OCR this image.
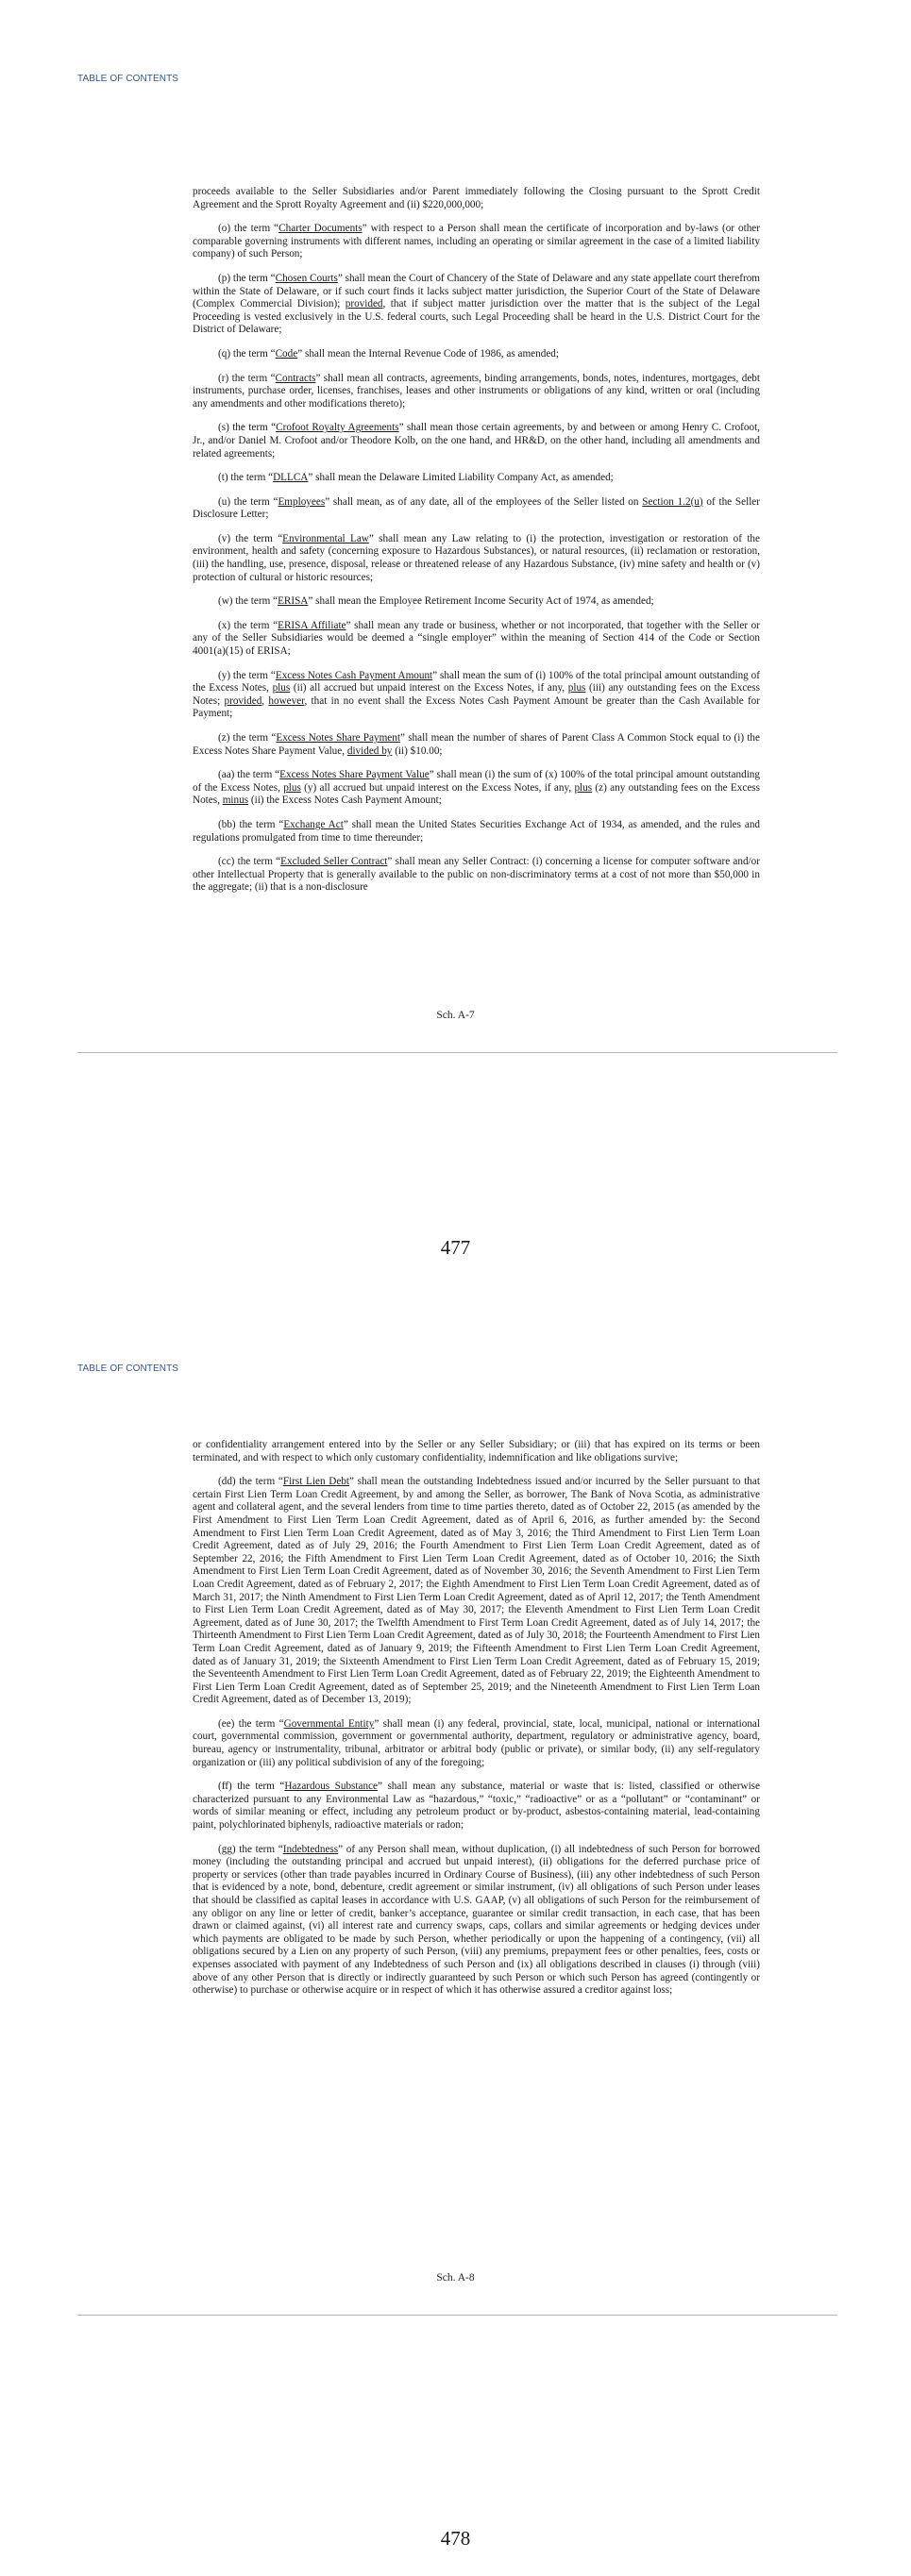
TABLE OF CONTENTS

proceeds available to the Seller Subsidiaries and/or Parent immediately following the Closing pursuant to the Sprott Credit Agreement and the Sprott Royalty Agreement and (ii) $220,000,000;

(o) the term “Charter Documents” with respect to a Person shall mean the certificate of incorporation and by-laws (or other comparable governing instruments with different names, including an operating or similar agreement in the case of a limited liability company) of such Person;

(p) the term “Chosen Courts” shall mean the Court of Chancery of the State of Delaware and any state appellate court therefrom within the State of Delaware, or if such court finds it lacks subject matter jurisdiction, the Superior Court of the State of Delaware (Complex Commercial Division); provided, that if subject matter jurisdiction over the matter that is the subject of the Legal Proceeding is vested exclusively in the U.S. federal courts, such Legal Proceeding shall be heard in the U.S. District Court for the District of Delaware;

(q) the term “Code” shall mean the Internal Revenue Code of 1986, as amended;

(r) the term “Contracts” shall mean all contracts, agreements, binding arrangements, bonds, notes, indentures, mortgages, debt instruments, purchase order, licenses, franchises, leases and other instruments or obligations of any kind, written or oral (including any amendments and other modifications thereto);

(s) the term “Crofoot Royalty Agreements” shall mean those certain agreements, by and between or among Henry C. Crofoot, Jr., and/or Daniel M. Crofoot and/or Theodore Kolb, on the one hand, and HR&D, on the other hand, including all amendments and related agreements;

(t) the term “DLLCA” shall mean the Delaware Limited Liability Company Act, as amended;

(u) the term “Employees” shall mean, as of any date, all of the employees of the Seller listed on Section 1.2(u) of the Seller Disclosure Letter;

(v) the term “Environmental Law” shall mean any Law relating to (i) the protection, investigation or restoration of the environment, health and safety (concerning exposure to Hazardous Substances), or natural resources, (ii) reclamation or restoration, (iii) the handling, use, presence, disposal, release or threatened release of any Hazardous Substance, (iv) mine safety and health or (v) protection of cultural or historic resources;

(w) the term “ERISA” shall mean the Employee Retirement Income Security Act of 1974, as amended;

(x) the term “ERISA Affiliate” shall mean any trade or business, whether or not incorporated, that together with the Seller or any of the Seller Subsidiaries would be deemed a “single employer” within the meaning of Section 414 of the Code or Section 4001(a)(15) of ERISA;

(y) the term “Excess Notes Cash Payment Amount” shall mean the sum of (i) 100% of the total principal amount outstanding of the Excess Notes, plus (ii) all accrued but unpaid interest on the Excess Notes, if any, plus (iii) any outstanding fees on the Excess Notes; provided, however, that in no event shall the Excess Notes Cash Payment Amount be greater than the Cash Available for Payment;

(z) the term “Excess Notes Share Payment” shall mean the number of shares of Parent Class A Common Stock equal to (i) the Excess Notes Share Payment Value, divided by (ii) $10.00;

(aa) the term “Excess Notes Share Payment Value” shall mean (i) the sum of (x) 100% of the total principal amount outstanding of the Excess Notes, plus (y) all accrued but unpaid interest on the Excess Notes, if any, plus (z) any outstanding fees on the Excess Notes, minus (ii) the Excess Notes Cash Payment Amount;

(bb) the term “Exchange Act” shall mean the United States Securities Exchange Act of 1934, as amended, and the rules and regulations promulgated from time to time thereunder;

(cc) the term “Excluded Seller Contract” shall mean any Seller Contract: (i) concerning a license for computer software and/or other Intellectual Property that is generally available to the public on non-discriminatory terms at a cost of not more than $50,000 in the aggregate; (ii) that is a non-disclosure

Sch. A-7
477
TABLE OF CONTENTS

or confidentiality arrangement entered into by the Seller or any Seller Subsidiary; or (iii) that has expired on its terms or been terminated, and with respect to which only customary confidentiality, indemnification and like obligations survive;

(dd) the term “First Lien Debt” shall mean the outstanding Indebtedness issued and/or incurred by the Seller pursuant to that certain First Lien Term Loan Credit Agreement, by and among the Seller, as borrower, The Bank of Nova Scotia, as administrative agent and collateral agent, and the several lenders from time to time parties thereto, dated as of October 22, 2015 (as amended by the First Amendment to First Lien Term Loan Credit Agreement, dated as of April 6, 2016, as further amended by: the Second Amendment to First Lien Term Loan Credit Agreement, dated as of May 3, 2016; the Third Amendment to First Lien Term Loan Credit Agreement, dated as of July 29, 2016; the Fourth Amendment to First Lien Term Loan Credit Agreement, dated as of September 22, 2016; the Fifth Amendment to First Lien Term Loan Credit Agreement, dated as of October 10, 2016; the Sixth Amendment to First Lien Term Loan Credit Agreement, dated as of November 30, 2016; the Seventh Amendment to First Lien Term Loan Credit Agreement, dated as of February 2, 2017; the Eighth Amendment to First Lien Term Loan Credit Agreement, dated as of March 31, 2017; the Ninth Amendment to First Lien Term Loan Credit Agreement, dated as of April 12, 2017; the Tenth Amendment to First Lien Term Loan Credit Agreement, dated as of May 30, 2017; the Eleventh Amendment to First Lien Term Loan Credit Agreement, dated as of June 30, 2017; the Twelfth Amendment to First Term Loan Credit Agreement, dated as of July 14, 2017; the Thirteenth Amendment to First Lien Term Loan Credit Agreement, dated as of July 30, 2018; the Fourteenth Amendment to First Lien Term Loan Credit Agreement, dated as of January 9, 2019; the Fifteenth Amendment to First Lien Term Loan Credit Agreement, dated as of January 31, 2019; the Sixteenth Amendment to First Lien Term Loan Credit Agreement, dated as of February 15, 2019; the Seventeenth Amendment to First Lien Term Loan Credit Agreement, dated as of February 22, 2019; the Eighteenth Amendment to First Lien Term Loan Credit Agreement, dated as of September 25, 2019; and the Nineteenth Amendment to First Lien Term Loan Credit Agreement, dated as of December 13, 2019);

(ee) the term “Governmental Entity” shall mean (i) any federal, provincial, state, local, municipal, national or international court, governmental commission, government or governmental authority, department, regulatory or administrative agency, board, bureau, agency or instrumentality, tribunal, arbitrator or arbitral body (public or private), or similar body, (ii) any self-regulatory organization or (iii) any political subdivision of any of the foregoing;

(ff) the term “Hazardous Substance” shall mean any substance, material or waste that is: listed, classified or otherwise characterized pursuant to any Environmental Law as “hazardous,” “toxic,” “radioactive” or as a “pollutant” or “contaminant” or words of similar meaning or effect, including any petroleum product or by-product, asbestos-containing material, lead-containing paint, polychlorinated biphenyls, radioactive materials or radon;

(gg) the term “Indebtedness” of any Person shall mean, without duplication, (i) all indebtedness of such Person for borrowed money (including the outstanding principal and accrued but unpaid interest), (ii) obligations for the deferred purchase price of property or services (other than trade payables incurred in Ordinary Course of Business), (iii) any other indebtedness of such Person that is evidenced by a note, bond, debenture, credit agreement or similar instrument, (iv) all obligations of such Person under leases that should be classified as capital leases in accordance with U.S. GAAP, (v) all obligations of such Person for the reimbursement of any obligor on any line or letter of credit, banker’s acceptance, guarantee or similar credit transaction, in each case, that has been drawn or claimed against, (vi) all interest rate and currency swaps, caps, collars and similar agreements or hedging devices under which payments are obligated to be made by such Person, whether periodically or upon the happening of a contingency, (vii) all obligations secured by a Lien on any property of such Person, (viii) any premiums, prepayment fees or other penalties, fees, costs or expenses associated with payment of any Indebtedness of such Person and (ix) all obligations described in clauses (i) through (viii) above of any other Person that is directly or indirectly guaranteed by such Person or which such Person has agreed (contingently or otherwise) to purchase or otherwise acquire or in respect of which it has otherwise assured a creditor against loss;

Sch. A-8
478
